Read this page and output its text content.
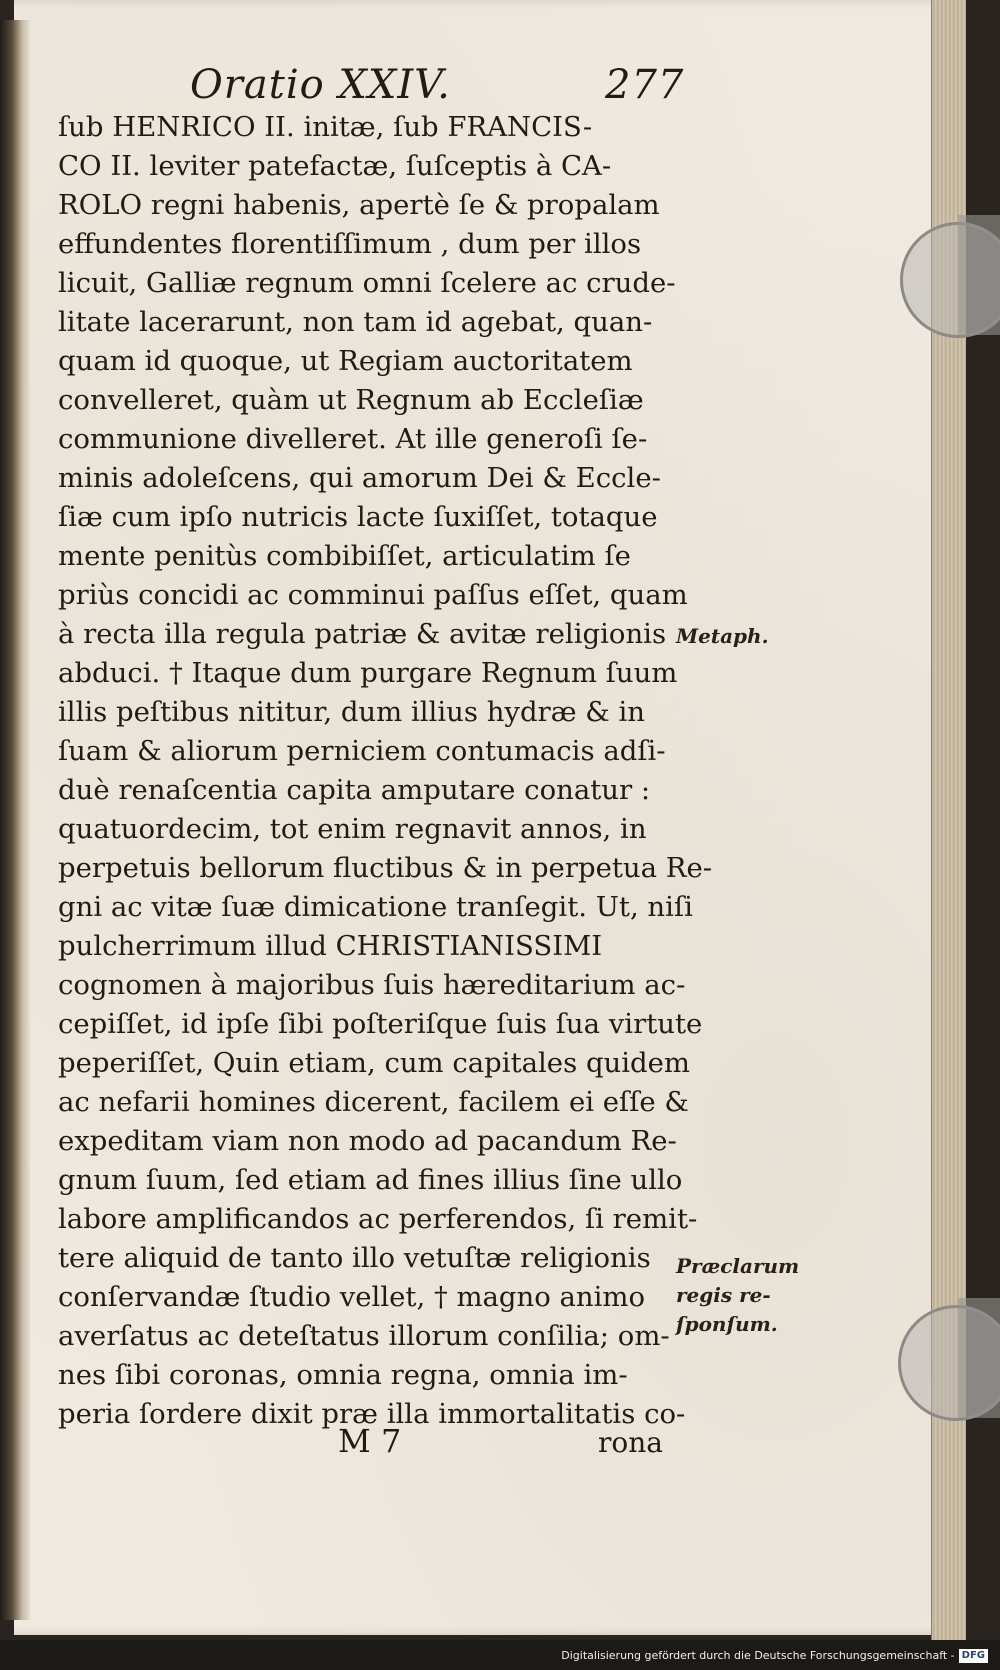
Oratio XXIV.	277
ſub HENRICO II. initæ, ſub FRANCIS-
CO II. leviter patefactæ, ſuſceptis à CA-
ROLO regni habenis, apertè ſe & propalam
effundentes florentiſſimum , dum per illos
licuit, Galliæ regnum omni ſcelere ac crude-
litate lacerarunt, non tam id agebat, quan-
quam id quoque, ut Regiam auctoritatem
convelleret, quàm ut Regnum ab Eccleſiæ
communione divelleret. At ille generoſi ſe-
minis adoleſcens, qui amorum Dei & Eccle-
ſiæ cum ipſo nutricis lacte ſuxiſſet, totaque
mente penitùs combibiſſet, articulatim ſe
priùs concidi ac comminui paſſus eſſet, quam
à recta illa regula patriæ & avitæ religionis
abduci. † Itaque dum purgare Regnum ſuum
illis peſtibus nititur, dum illius hydræ & in
ſuam & aliorum perniciem contumacis adſi-
duè renaſcentia capita amputare conatur :
quatuordecim, tot enim regnavit annos, in
perpetuis bellorum fluctibus & in perpetua Re-
gni ac vitæ ſuæ dimicatione tranſegit. Ut, niſi
pulcherrimum illud CHRISTIANISSIMI
cognomen à majoribus ſuis hæreditarium ac-
cepiſſet, id ipſe ſibi poſteriſque ſuis ſua virtute
peperiſſet, Quin etiam, cum capitales quidem
ac nefarii homines dicerent, facilem ei eſſe &
expeditam viam non modo ad pacandum Re-
gnum ſuum, ſed etiam ad fines illius ſine ullo
labore amplificandos ac perferendos, ſi remit-
tere aliquid de tanto illo vetuſtæ religionis
conſervandæ ſtudio vellet, † magno animo
averſatus ac deteſtatus illorum conſilia; om-
nes ſibi coronas, omnia regna, omnia im-
peria ſordere dixit præ illa immortalitatis co-
Metaph.
Præclarum
regis re-
ſponſum.
M 7	rona
Digitalisierung gefördert durch die Deutsche Forschungsgemeinschaft - DFG
